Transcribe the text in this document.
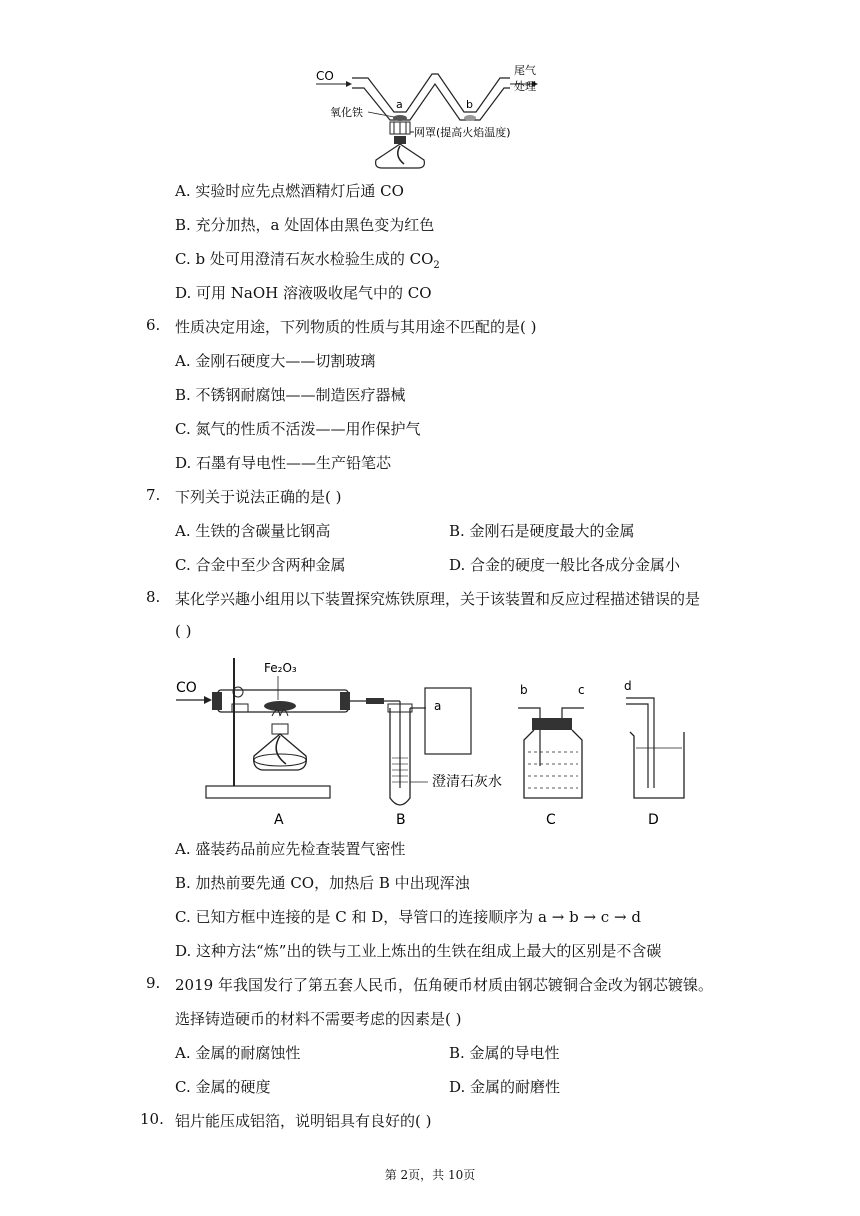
CO
a	b
尾气
处理
氧化铁
网罩(提高火焰温度)
A. 实验时应先点燃酒精灯后通 CO
B. 充分加热，a 处固体由黑色变为红色
C. b 处可用澄清石灰水检验生成的 $CO_2$
D. 可用 NaOH 溶液吸收尾气中的 CO
6. 性质决定用途，下列物质的性质与其用途不匹配的是( )
A. 金刚石硬度大——切割玻璃
B. 不锈钢耐腐蚀——制造医疗器械
C. 氮气的性质不活泼——用作保护气
D. 石墨有导电性——生产铅笔芯
7. 下列关于说法正确的是( )
A. 生铁的含碳量比钢高	B. 金刚石是硬度最大的金属
C. 合金中至少含两种金属	D. 合金的硬度一般比各成分金属小
8. 某化学兴趣小组用以下装置探究炼铁原理，关于该装置和反应过程描述错误的是
( )
CO
Fe₂O₃
a
澄清石灰水
b	c	d
A	B	C	D
A. 盛装药品前应先检查装置气密性
B. 加热前要先通 CO，加热后 B 中出现浑浊
C. 已知方框中连接的是 C 和 D，导管口的连接顺序为 a → b → c → d
D. 这种方法“炼”出的铁与工业上炼出的生铁在组成上最大的区别是不含碳
9. 2019 年我国发行了第五套人民币，伍角硬币材质由钢芯镀铜合金改为钢芯镀镍。
选择铸造硬币的材料不需要考虑的因素是( )
A. 金属的耐腐蚀性	B. 金属的导电性
C. 金属的硬度	D. 金属的耐磨性
10. 铝片能压成铝箔，说明铝具有良好的( )
第 2页，共 10页
